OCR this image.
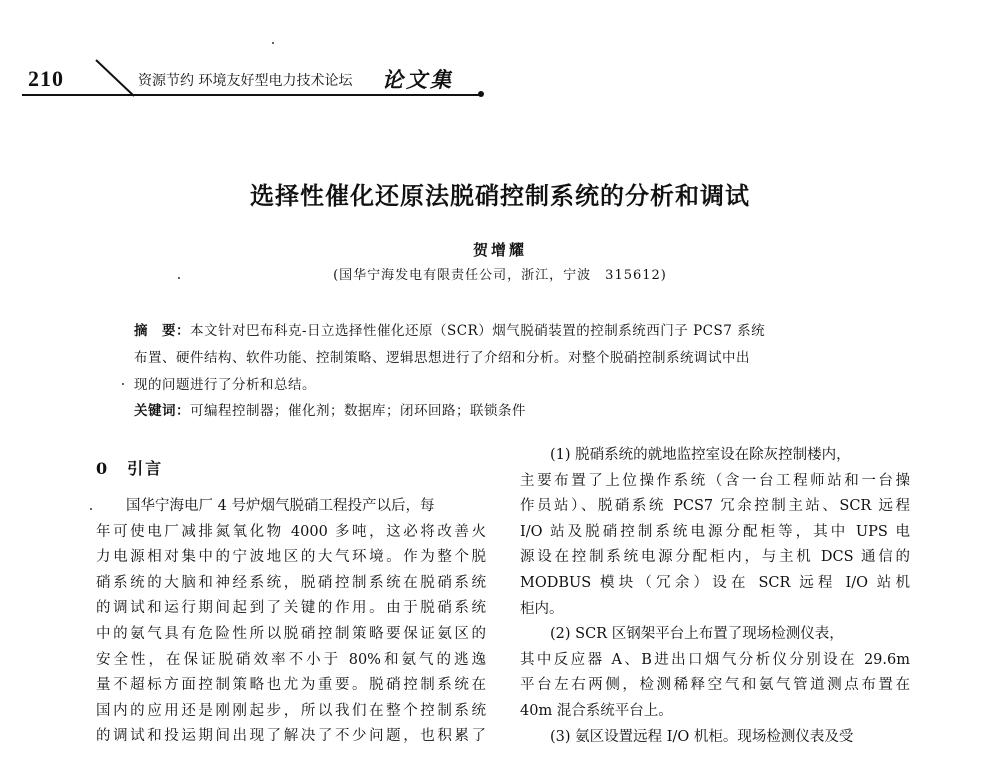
210	资源节约 环境友好型电力技术论坛 论文集
选择性催化还原法脱硝控制系统的分析和调试
贺增耀
(国华宁海发电有限责任公司，浙江，宁波　315612)
摘　要：本文针对巴布科克-日立选择性催化还原（SCR）烟气脱硝装置的控制系统西门子 PCS7 系统
布置、硬件结构、软件功能、控制策略、逻辑思想进行了介绍和分析。对整个脱硝控制系统调试中出
现的问题进行了分析和总结。
关键词：可编程控制器；催化剂；数据库；闭环回路；联锁条件
0　引言
国华宁海电厂 4 号炉烟气脱硝工程投产以后，每
年可使电厂减排氮氧化物 4000 多吨，这必将改善火
力电源相对集中的宁波地区的大气环境。作为整个脱
硝系统的大脑和神经系统，脱硝控制系统在脱硝系统
的调试和运行期间起到了关键的作用。由于脱硝系统
中的氨气具有危险性所以脱硝控制策略要保证氨区的
安全性，在保证脱硝效率不小于 80%和氨气的逃逸
量不超标方面控制策略也尤为重要。脱硝控制系统在
国内的应用还是刚刚起步，所以我们在整个控制系统
的调试和投运期间出现了解决了不少问题，也积累了
(1) 脱硝系统的就地监控室设在除灰控制楼内，
主要布置了上位操作系统（含一台工程师站和一台操
作员站）、脱硝系统 PCS7 冗余控制主站、SCR 远程
I/O 站及脱硝控制系统电源分配柜等，其中 UPS 电
源设在控制系统电源分配柜内，与主机 DCS 通信的
MODBUS 模块（冗余）设在 SCR 远程 I/O 站机
柜内。
(2) SCR 区钢架平台上布置了现场检测仪表，
其中反应器 A、B进出口烟气分析仪分别设在 29.6m
平台左右两侧，检测稀释空气和氨气管道测点布置在
40m 混合系统平台上。
(3) 氨区设置远程 I/O 机柜。现场检测仪表及受
